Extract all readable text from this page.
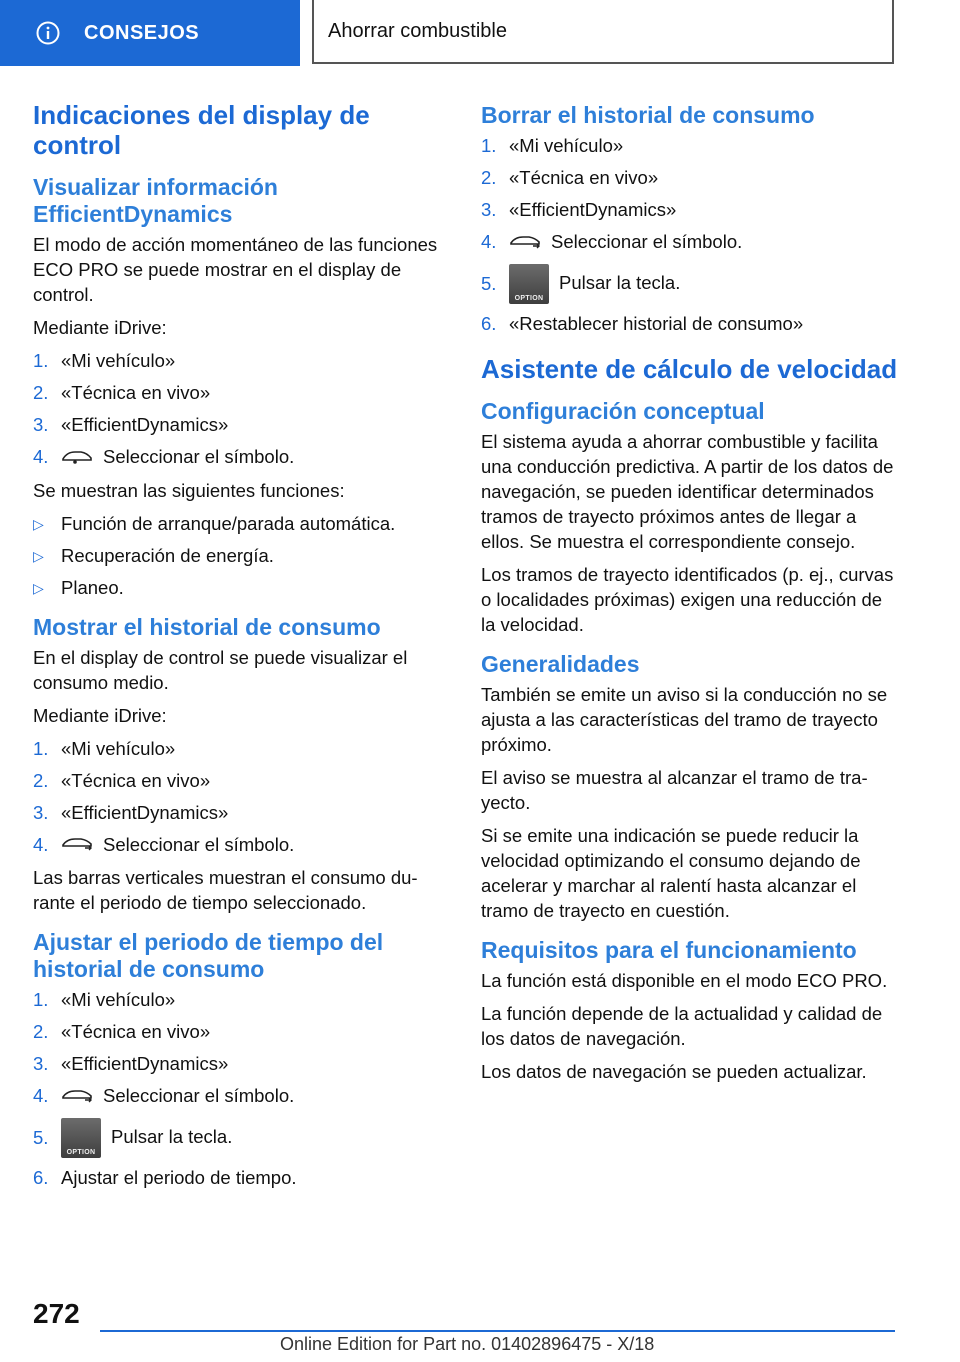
CONSEJOS	Ahorrar combustible
Indicaciones del display de control
Visualizar información EfficientDynamics

El modo de acción momentáneo de las funciones ECO PRO se puede mostrar en el display de control.

Mediante iDrive:

1. «Mi vehículo»
2. «Técnica en vivo»
3. «EfficientDynamics»
4.	Seleccionar el símbolo.

Se muestran las siguientes funciones:

▷ Función de arranque/parada automática.
▷ Recuperación de energía.
▷ Planeo.
Mostrar el historial de consumo

En el display de control se puede visualizar el consumo medio.

Mediante iDrive:

1. «Mi vehículo»
2. «Técnica en vivo»
3. «EfficientDynamics»
4.	Seleccionar el símbolo.

Las barras verticales muestran el consumo durante el periodo de tiempo seleccionado.

Ajustar el periodo de tiempo del historial de consumo
1. «Mi vehículo»
2. «Técnica en vivo»
3. «EfficientDynamics»
4.	Seleccionar el símbolo.
5.
OPTION
Pulsar la tecla.
6. Ajustar el periodo de tiempo.
Borrar el historial de consumo
1. «Mi vehículo»
2. «Técnica en vivo»
3. «EfficientDynamics»
4.	Seleccionar el símbolo.
5.
OPTION
Pulsar la tecla.
6. «Restablecer historial de consumo»
Asistente de cálculo de velocidad
Configuración conceptual

El sistema ayuda a ahorrar combustible y facilita una conducción predictiva. A partir de los datos de navegación, se pueden identificar determinados tramos de trayecto próximos antes de llegar a ellos. Se muestra el correspondiente consejo.

Los tramos de trayecto identificados (p. ej., curvas o localidades próximas) exigen una reducción de la velocidad.

Generalidades

También se emite un aviso si la conducción no se ajusta a las características del tramo de trayecto próximo.

El aviso se muestra al alcanzar el tramo de trayecto.

Si se emite una indicación se puede reducir la velocidad optimizando el consumo dejando de acelerar y marchar al ralentí hasta alcanzar el tramo de trayecto en cuestión.

Requisitos para el funcionamiento

La función está disponible en el modo ECO PRO.

La función depende de la actualidad y calidad de los datos de navegación.

Los datos de navegación se pueden actualizar.

272
Online Edition for Part no. 01402896475 - X/18
